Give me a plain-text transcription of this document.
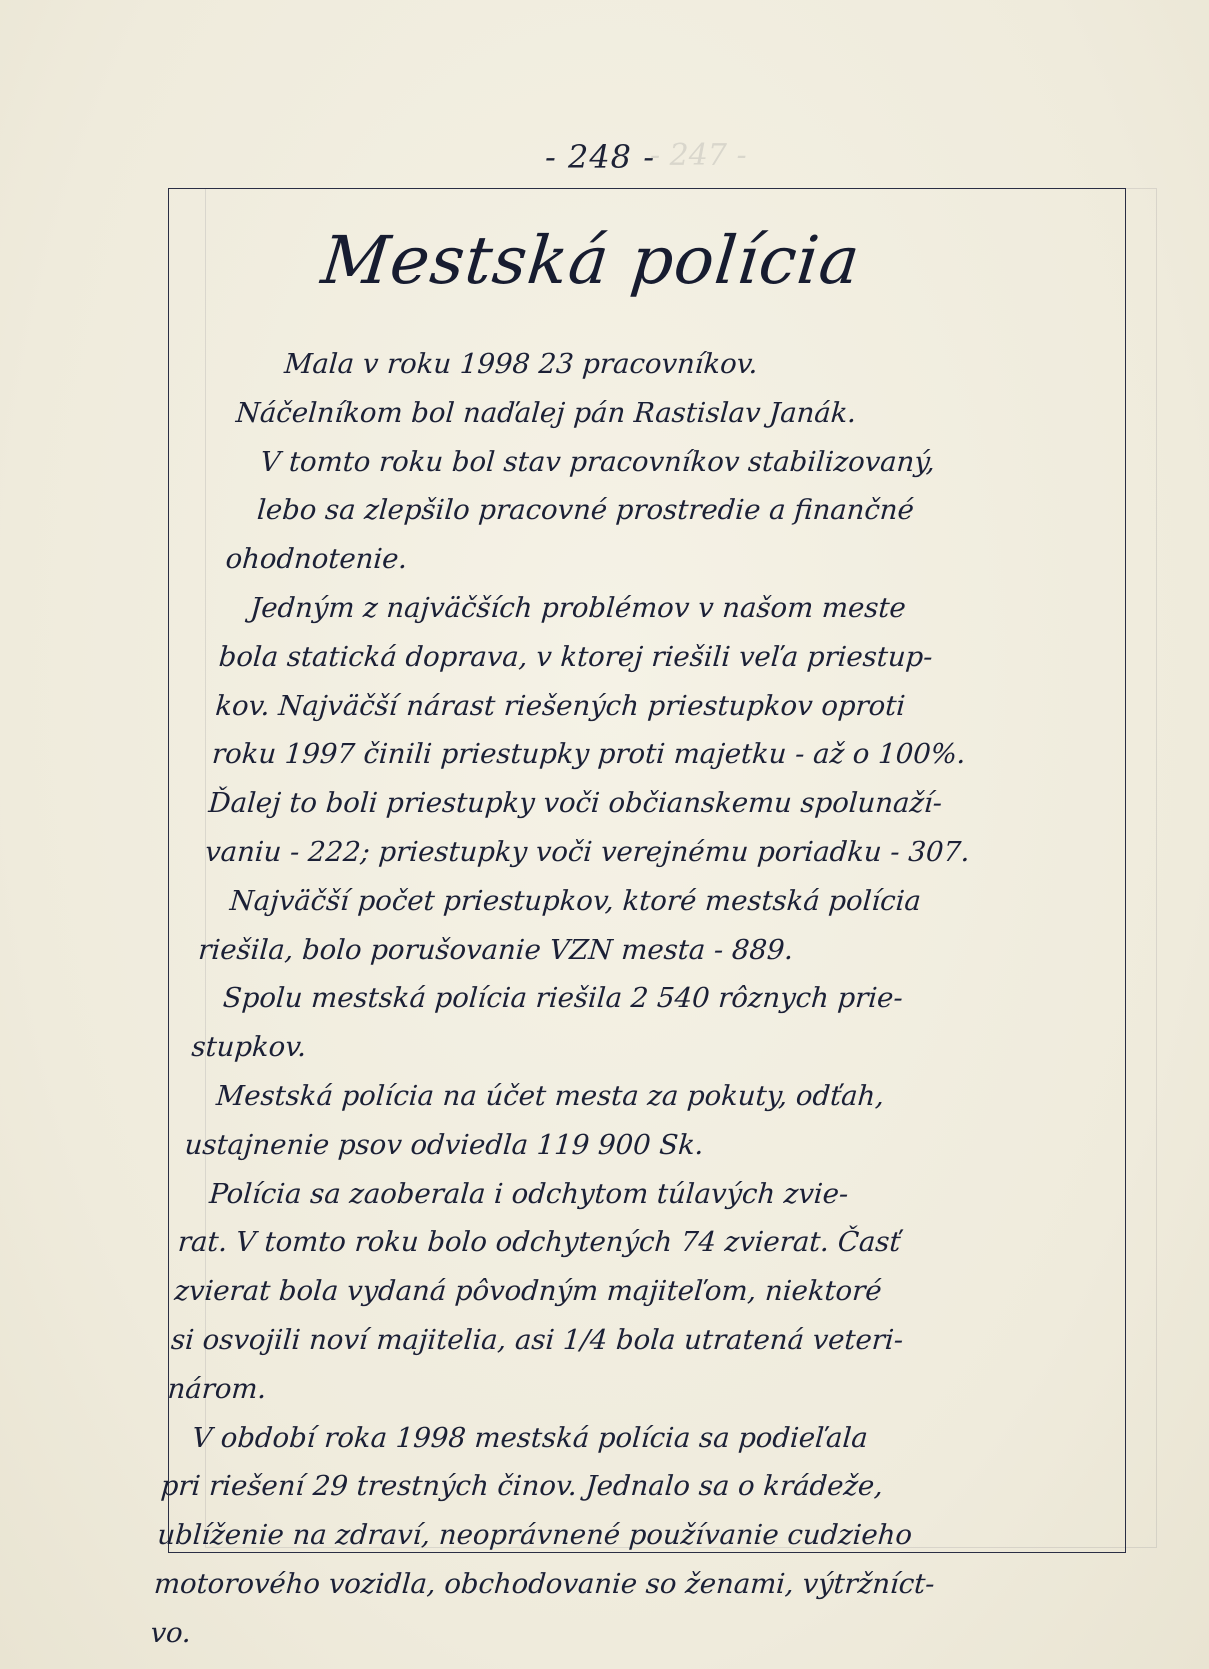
- 247 -

- 248 -
Mestská polícia
Mala v roku 1998 23 pracovníkov.
Náčelníkom bol naďalej pán Rastislav Janák.
V tomto roku bol stav pracovníkov stabilizovaný,
lebo sa zlepšilo pracovné prostredie a finančné
ohodnotenie.
Jedným z najväčších problémov v našom meste
bola statická doprava, v ktorej riešili veľa priestup-
kov. Najväčší nárast riešených priestupkov oproti
roku 1997 činili priestupky proti majetku - až o 100%.
Ďalej to boli priestupky voči občianskemu spolunaží-
vaniu - 222; priestupky voči verejnému poriadku - 307.
Najväčší počet priestupkov, ktoré mestská polícia
riešila, bolo porušovanie VZN mesta - 889.
Spolu mestská polícia riešila 2 540 rôznych prie-
stupkov.
Mestská polícia na účet mesta za pokuty, odťah,
ustajnenie psov odviedla 119 900 Sk.
Polícia sa zaoberala i odchytom túlavých zvie-
rat. V tomto roku bolo odchytených 74 zvierat. Časť
zvierat bola vydaná pôvodným majiteľom, niektoré
si osvojili noví majitelia, asi 1/4 bola utratená veteri-
nárom.
V období roka 1998 mestská polícia sa podieľala
pri riešení 29 trestných činov. Jednalo sa o krádeže,
ublíženie na zdraví, neoprávnené používanie cudzieho
motorového vozidla, obchodovanie so ženami, výtržníct-
vo.
